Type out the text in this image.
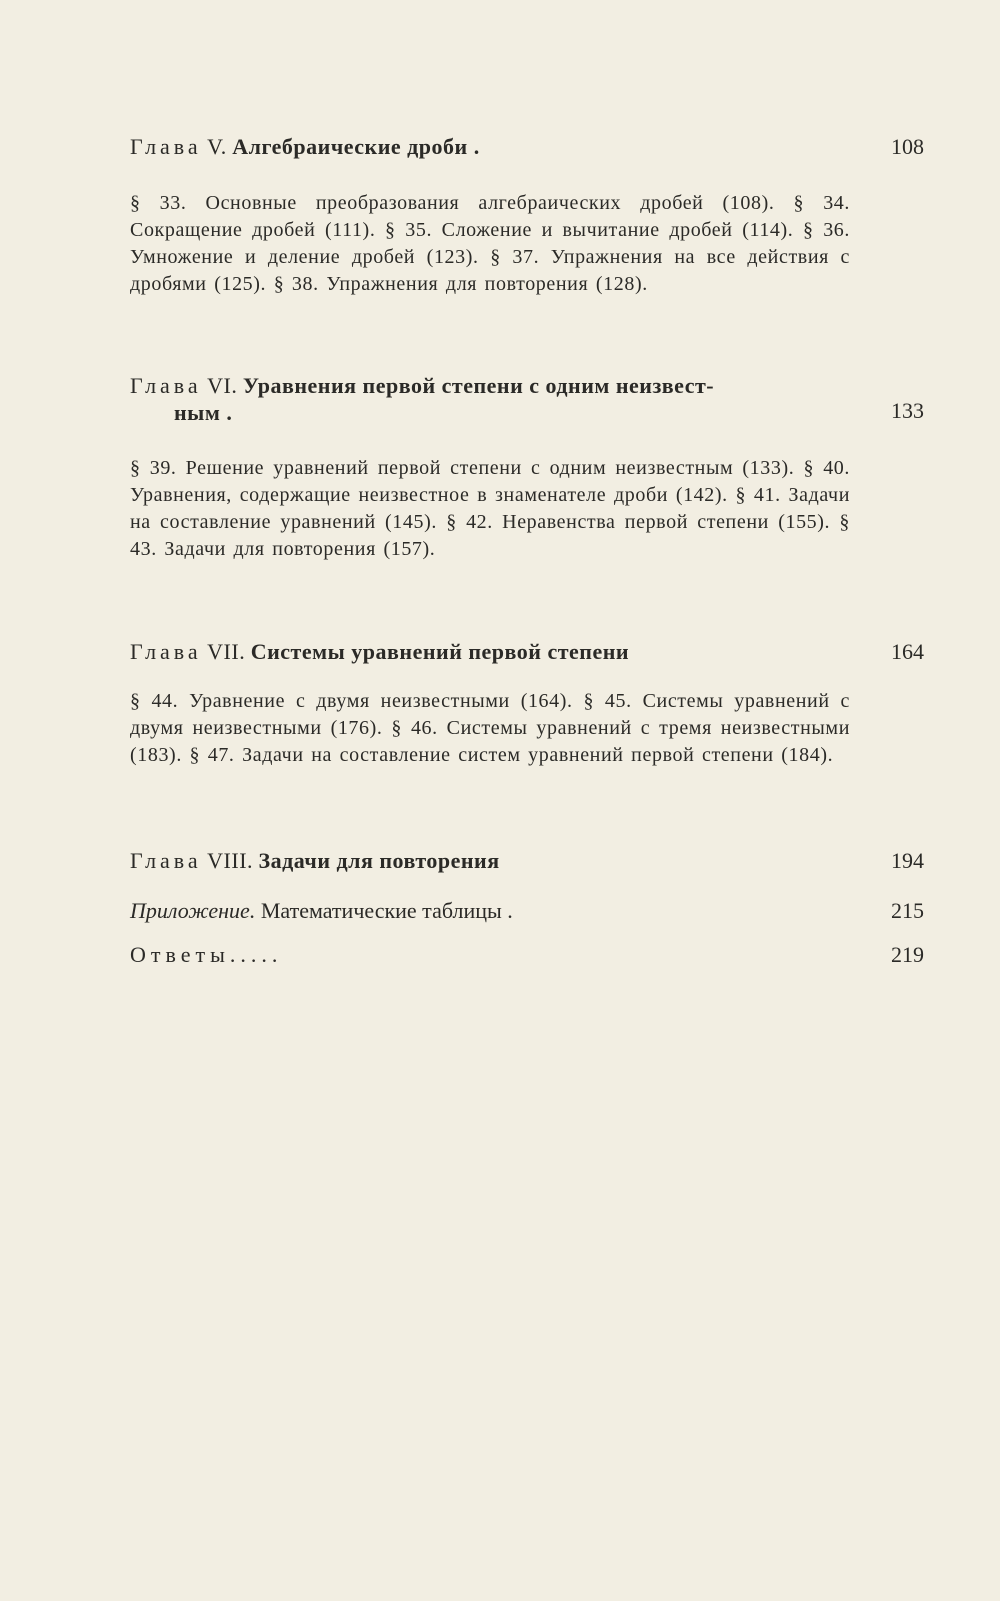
Глава V. Алгебраические дроби .	108
§ 33. Основные преобразования алгебраических дробей (108). § 34. Сокращение дробей (111). § 35. Сложение и вычитание дробей (114). § 36. Умножение и деление дробей (123). § 37. Упражнения на все действия с дробями (125). § 38. Упражнения для повторения (128).
Глава VI. Уравнения первой степени с одним неизвест-
ным .	133
§ 39. Решение уравнений первой степени с одним неизвестным (133). § 40. Уравнения, содержащие неизвестное в знаменателе дроби (142). § 41. Задачи на составление уравнений (145). § 42. Неравенства первой степени (155). § 43. Задачи для повторения (157).
Глава VII. Системы уравнений первой степени	164
§ 44. Уравнение с двумя неизвестными (164). § 45. Системы уравнений с двумя неизвестными (176). § 46. Системы уравнений с тремя неизвестными (183). § 47. Задачи на составление систем уравнений первой степени (184).
Глава VIII. Задачи для повторения	194
Приложение. Математические таблицы .	215
Ответы.....	219
